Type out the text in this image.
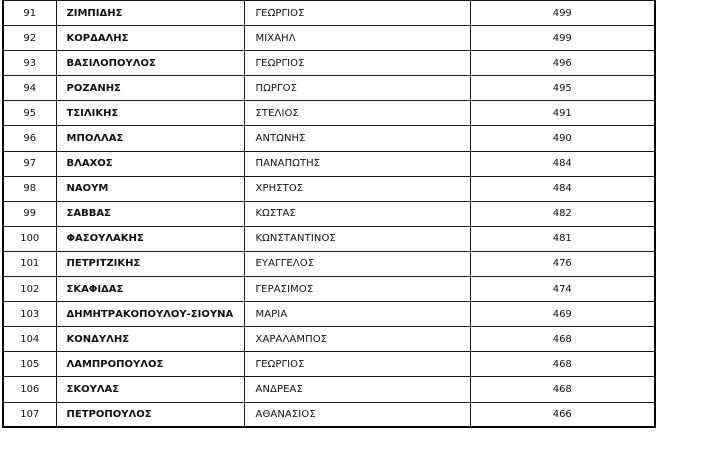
91	ΖΙΜΠΙΔΗΣ	ΓΕΩΡΓΙΟΣ	499
92	ΚΟΡΔΑΛΗΣ	ΜΙΧΑΗΛ	499
93	ΒΑΣΙΛΟΠΟΥΛΟΣ	ΓΕΩΡΓΙΟΣ	496
94	ΡΟΖΑΝΗΣ	ΠΩΡΓΟΣ	495
95	ΤΣΙΛΙΚΗΣ	ΣΤΕΛΙΟΣ	491
96	ΜΠΟΛΛΑΣ	ΑΝΤΩΝΗΣ	490
97	ΒΛΑΧΟΣ	ΠΑΝΑΠΩΤΗΣ	484
98	ΝΑΟΥΜ	ΧΡΗΣΤΟΣ	484
99	ΣΑΒΒΑΣ	ΚΩΣΤΑΣ	482
100	ΦΑΣΟΥΛΑΚΗΣ	ΚΩΝΣΤΑΝΤΙΝΟΣ	481
101	ΠΕΤΡΙΤΖΙΚΗΣ	ΕΥΑΓΓΕΛΟΣ	476
102	ΣΚΑΦΙΔΑΣ	ΓΕΡΑΣΙΜΟΣ	474
103	ΔΗΜΗΤΡΑΚΟΠΟΥΛΟΥ-ΣΙΟΥΝΑ	ΜΑΡΙΑ	469
104	ΚΟΝΔΥΛΗΣ	ΧΑΡΑΛΑΜΠΟΣ	468
105	ΛΑΜΠΡΟΠΟΥΛΟΣ	ΓΕΩΡΓΙΟΣ	468
106	ΣΚΟΥΛΑΣ	ΑΝΔΡΕΑΣ	468
107	ΠΕΤΡΟΠΟΥΛΟΣ	ΑΘΑΝΑΣΙΟΣ	466
